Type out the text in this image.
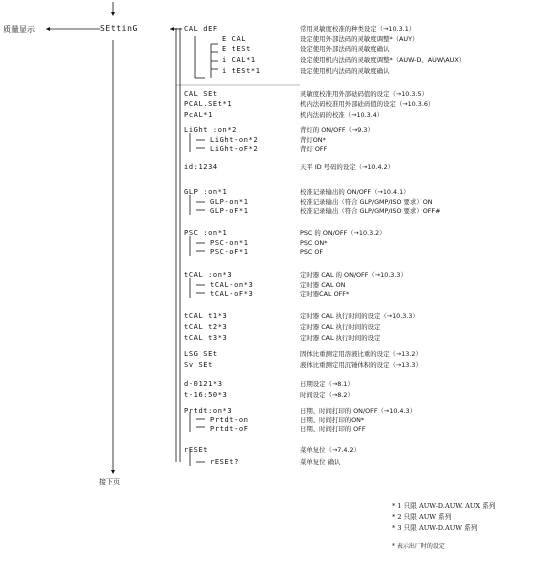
质量显示	SEttinG
接下页
CAL dEF
E CAL
E tESt
i CAL*1
i tESt*1
CAL SEt
PCAL.SEt*1
PcAL*1
LiGht :on*2
LiGht-on*2
LiGht-oF*2
id:1234
GLP :on*1
GLP-on*1
GLP-oF*1
PSC :on*1
PSC-on*1
PSC-oF*1
tCAL :on*3
tCAL-on*3
tCAL-oF*3
tCAL t1*3
tCAL t2*3
tCAL t3*3
LSG SEt
Sv SEt
d-0121*3
t-16:50*3
Prtdt:on*3
Prtdt-on
Prtdt-oF
rESEt
rESEt?
常用灵敏度校准的种类设定（→10.3.1）
设定使用外部法码的灵敏度调整*（AUY）
设定使用外部法码的灵敏度确认
设定使用机内法码的灵敏度调整*（AUW-D、AUW\AUX）
设定使用机内法码的灵敏度确认
灵敏度校准用外部砝码值的设定（→10.3.5）
机内法码校准用外部砝码值的设定（→10.3.6）
机内法码的校准（→10.3.4）
背灯的 ON/OFF（→9.3）
背灯ON*
背灯 OFF
天平 ID 号码的设定（→10.4.2）
校准记录输出的 ON/OFF（→10.4.1）
校准记录输出（符合 GLP/GMP/ISO 要求）ON
校准记录输出（符合 GLP/GMP/ISO 要求）OFF#
PSC 的 ON/OFF（→10.3.2）
PSC ON*
PSC OF
定时器 CAL 的 ON/OFF（→10.3.3）
定时器 CAL ON
定时器CAL OFF*
定时器 CAL 执行时间的设定（→10.3.3）
定时器 CAL 执行时间的设定
定时器 CAL 执行时间的设定
固体比重测定用溶液比重的设定（→13.2）
液体比重测定用沉锤体积的设定（→13.3）
日期设定（→8.1）
时间设定（→8.2）
日期、时间打印的 ON/OFF（→10.4.3）
日期、时间打印的ON*
日期、时间打印的 OFF
菜单复位（→7.4.2）
菜单复位 确认
* 1 只限 AUW-D.AUW. AUX 系列
* 2 只限 AUW 系列
* 3 只限 AUW-D.AUW 系列
* 表示出厂时的设定
